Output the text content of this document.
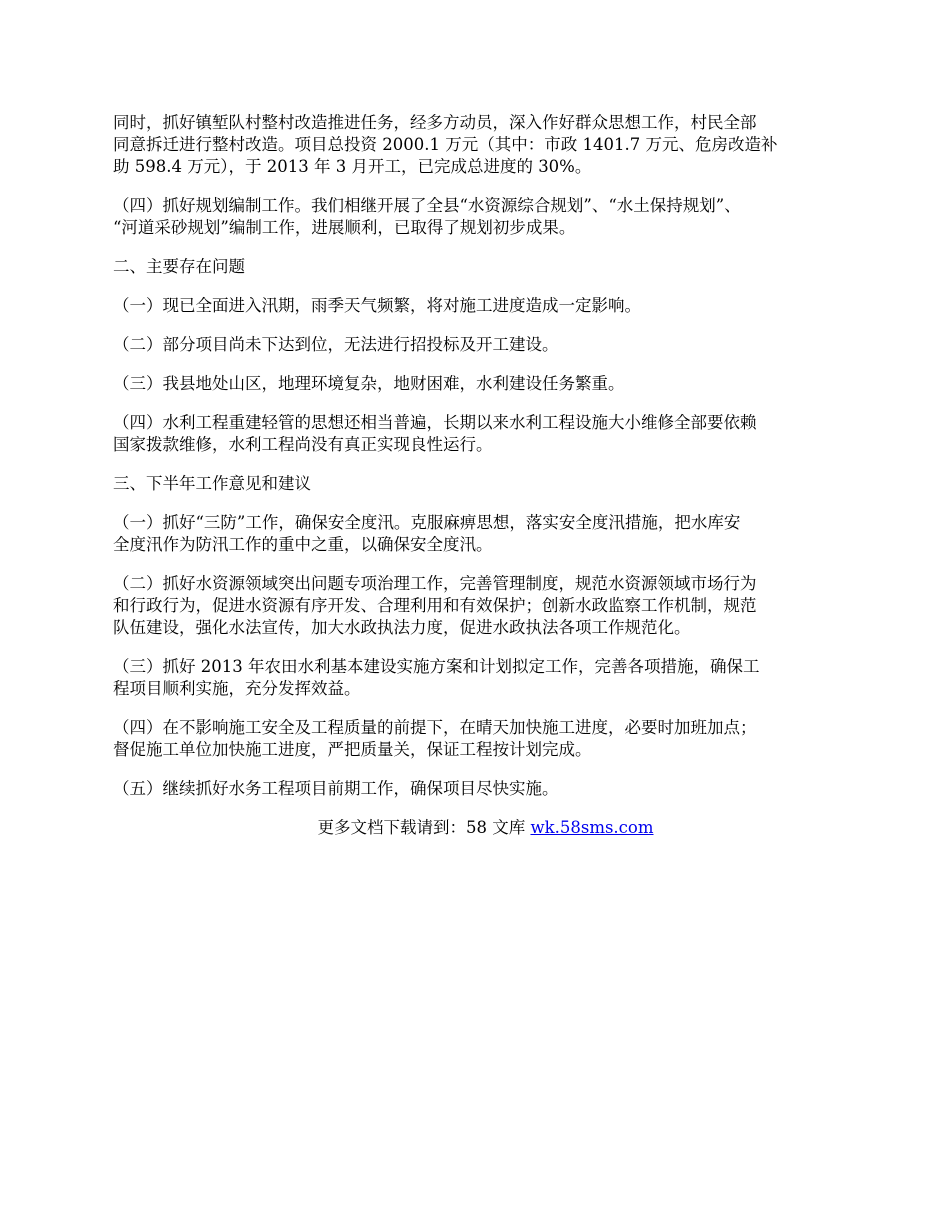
同时，抓好镇堑队村整村改造推进任务，经多方动员，深入作好群众思想工作，村民全部
同意拆迁进行整村改造。项目总投资 2000.1 万元（其中：市政 1401.7 万元、危房改造补
助 598.4 万元），于 2013 年 3 月开工，已完成总进度的 30%。

（四）抓好规划编制工作。我们相继开展了全县“水资源综合规划”、“水土保持规划”、
“河道采砂规划”编制工作，进展顺利，已取得了规划初步成果。

二、主要存在问题

（一）现已全面进入汛期，雨季天气频繁，将对施工进度造成一定影响。

（二）部分项目尚未下达到位，无法进行招投标及开工建设。

（三）我县地处山区，地理环境复杂，地财困难，水利建设任务繁重。

（四）水利工程重建轻管的思想还相当普遍，长期以来水利工程设施大小维修全部要依赖
国家拨款维修，水利工程尚没有真正实现良性运行。

三、下半年工作意见和建议

（一）抓好“三防”工作，确保安全度汛。克服麻痹思想，落实安全度汛措施，把水库安
全度汛作为防汛工作的重中之重，以确保安全度汛。

（二）抓好水资源领域突出问题专项治理工作，完善管理制度，规范水资源领域市场行为
和行政行为，促进水资源有序开发、合理利用和有效保护；创新水政监察工作机制，规范
队伍建设，强化水法宣传，加大水政执法力度，促进水政执法各项工作规范化。

（三）抓好 2013 年农田水利基本建设实施方案和计划拟定工作，完善各项措施，确保工
程项目顺利实施，充分发挥效益。

（四）在不影响施工安全及工程质量的前提下，在晴天加快施工进度，必要时加班加点；
督促施工单位加快施工进度，严把质量关，保证工程按计划完成。

（五）继续抓好水务工程项目前期工作，确保项目尽快实施。

更多文档下载请到：58 文库 wk.58sms.com
